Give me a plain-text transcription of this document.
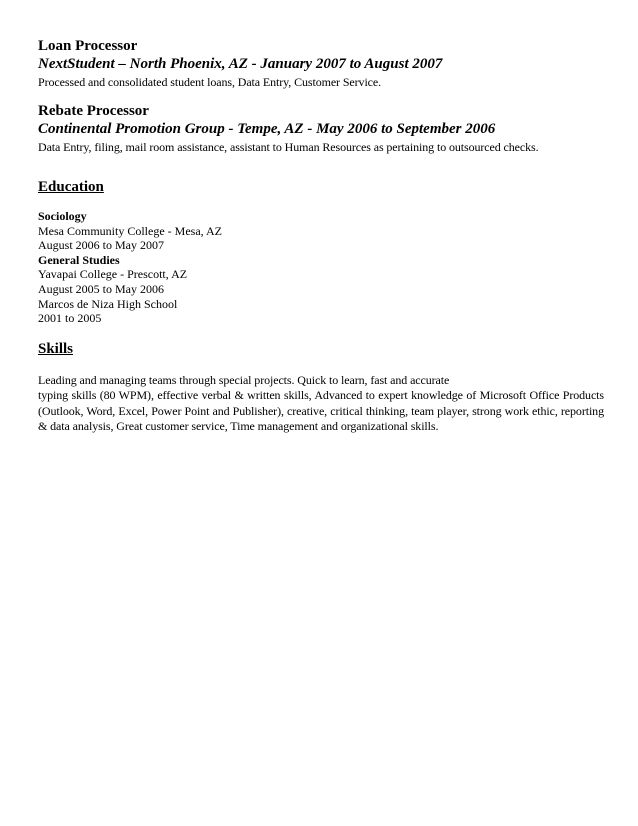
Loan Processor

NextStudent – North Phoenix, AZ - January 2007 to August 2007

Processed and consolidated student loans, Data Entry, Customer Service.

Rebate Processor

Continental Promotion Group - Tempe, AZ - May 2006 to September 2006

Data Entry, filing, mail room assistance, assistant to Human Resources as pertaining to outsourced checks.

Education

Sociology

Mesa Community College - Mesa, AZ

August 2006 to May 2007

General Studies

Yavapai College - Prescott, AZ

August 2005 to May 2006

Marcos de Niza High School

2001 to 2005

Skills

Leading and managing teams through special projects. Quick to learn, fast and accurate
typing skills (80 WPM), effective verbal & written skills, Advanced to expert knowledge of Microsoft Office Products (Outlook, Word, Excel, Power Point and Publisher), creative, critical thinking, team player, strong work ethic, reporting & data analysis, Great customer service, Time management and organizational skills.
